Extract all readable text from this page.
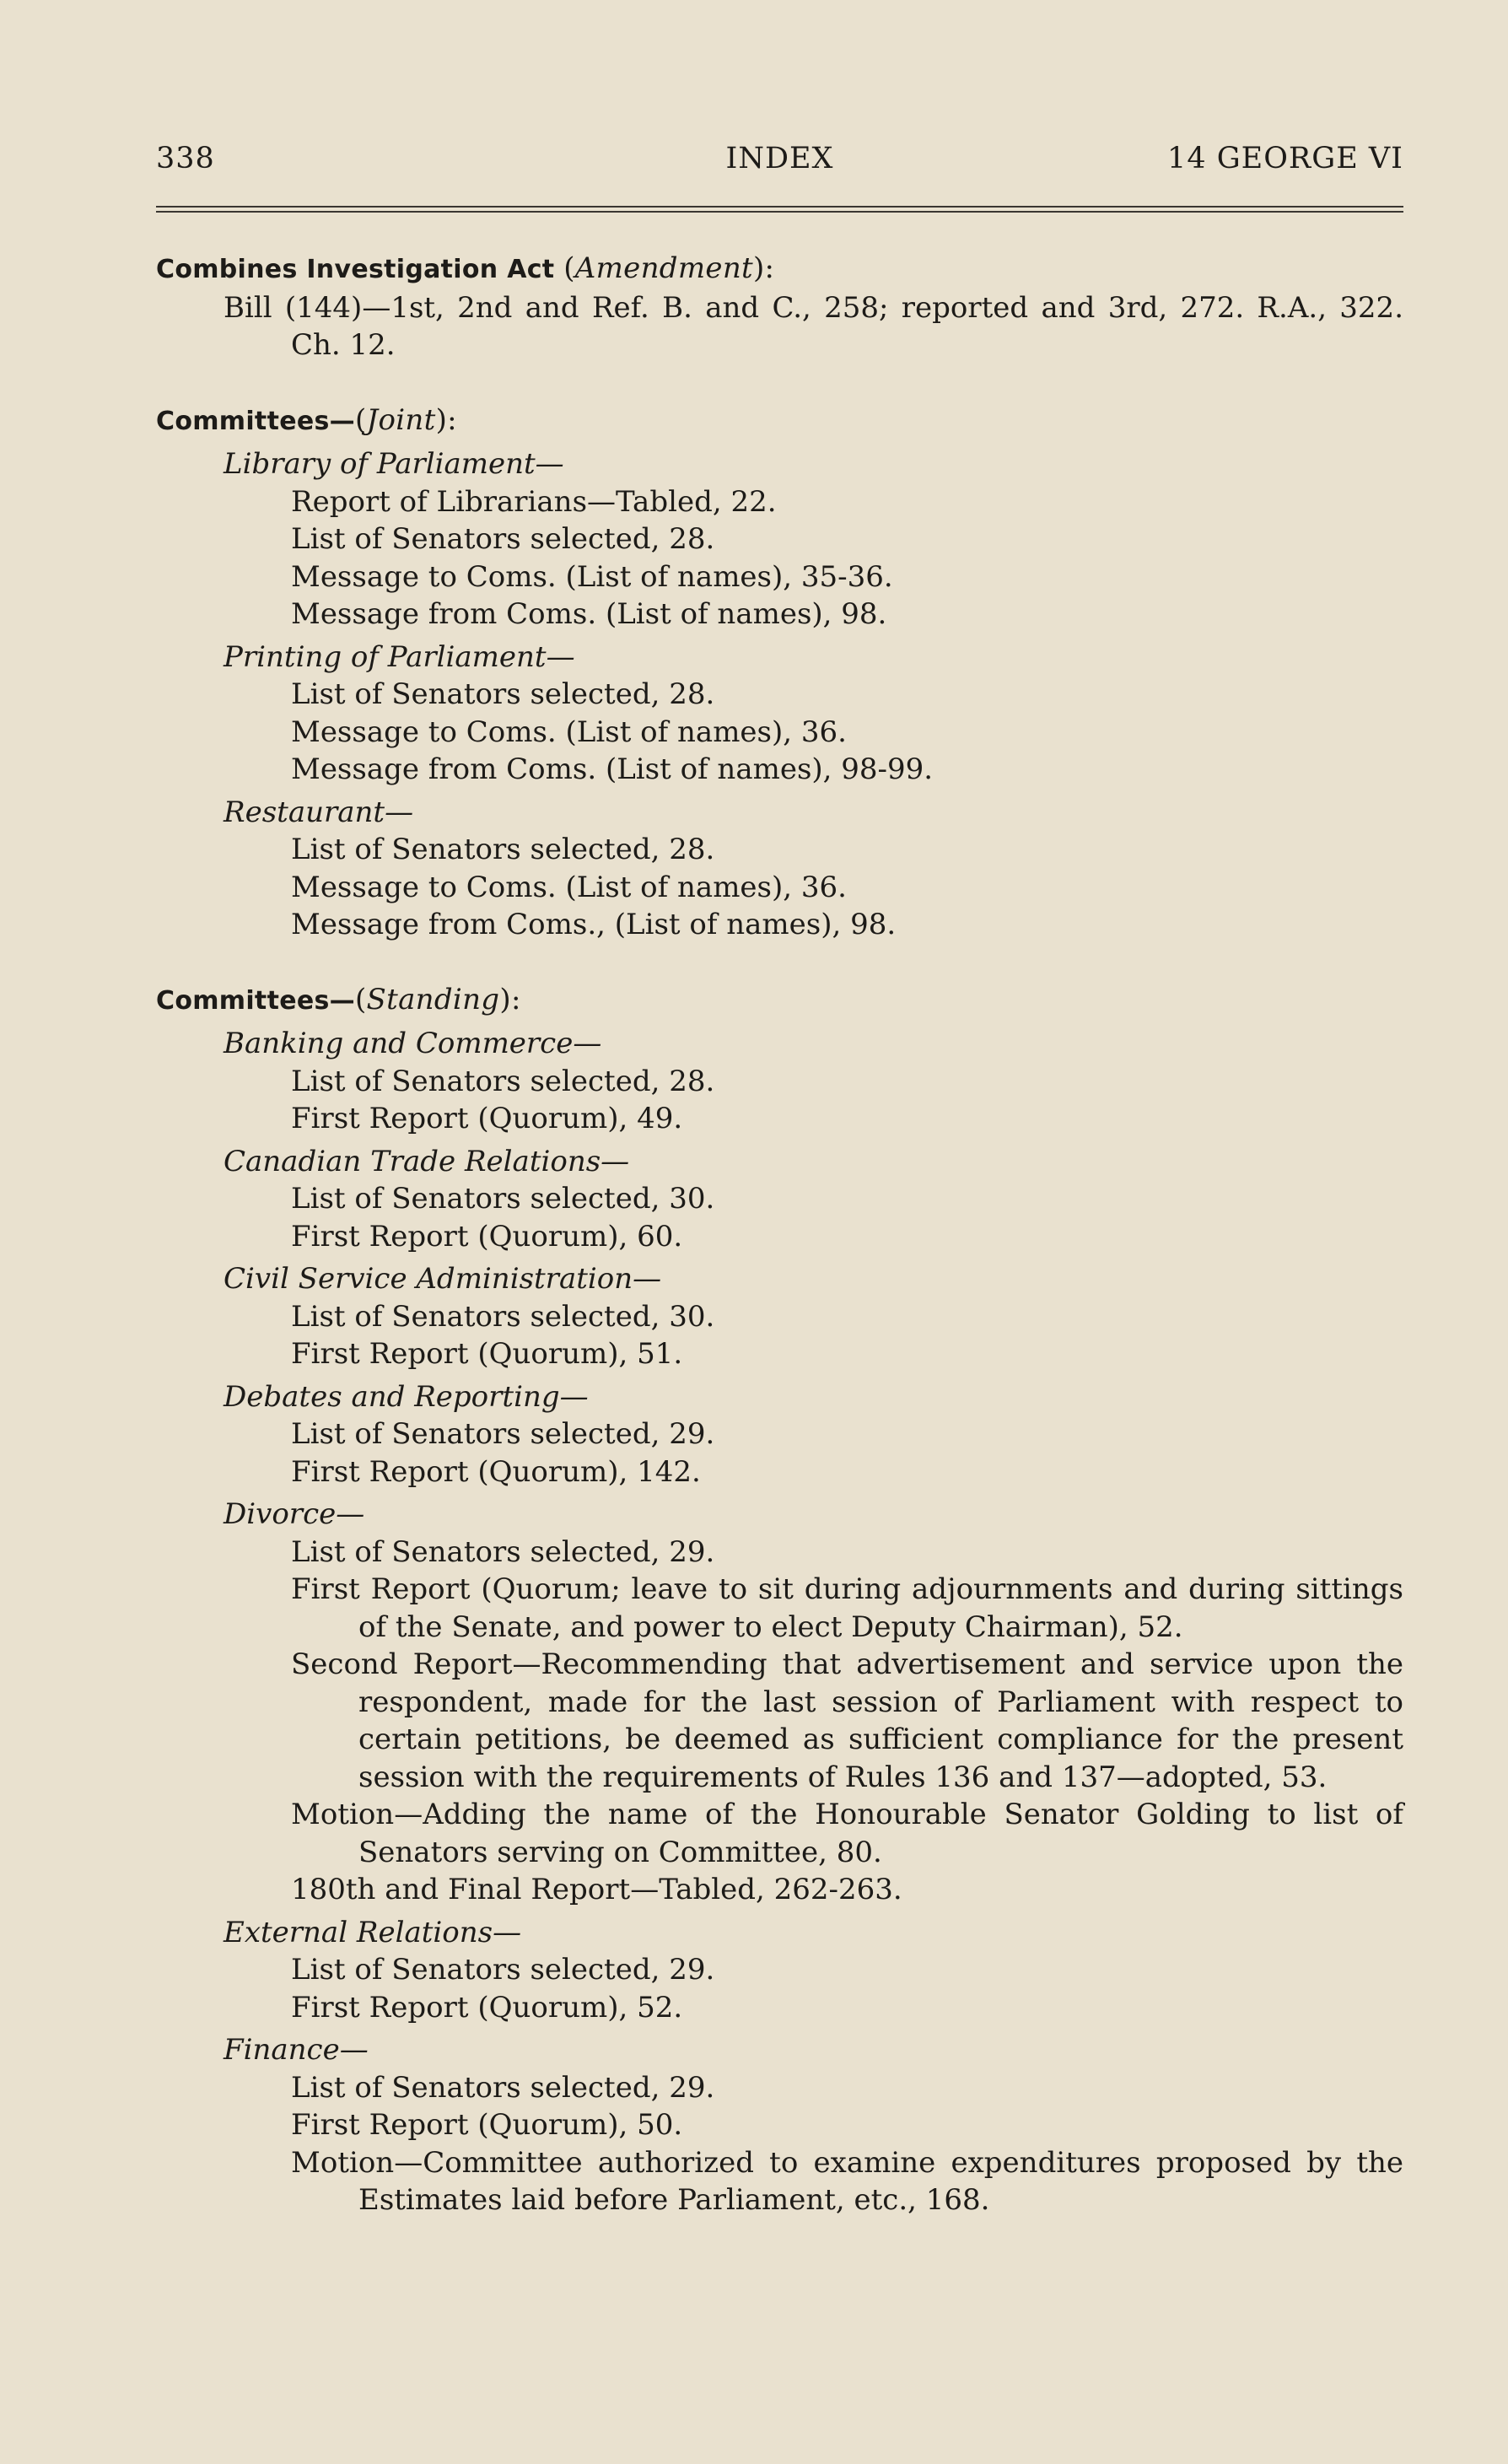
338	INDEX	14 GEORGE VI
Combines Investigation Act (Amendment):
Bill (144)—1st, 2nd and Ref. B. and C., 258; reported and 3rd, 272. R.A., 322. Ch. 12.
Committees—(Joint):
Library of Parliament—
Report of Librarians—Tabled, 22.
List of Senators selected, 28.
Message to Coms. (List of names), 35-36.
Message from Coms. (List of names), 98.
Printing of Parliament—
List of Senators selected, 28.
Message to Coms. (List of names), 36.
Message from Coms. (List of names), 98-99.
Restaurant—
List of Senators selected, 28.
Message to Coms. (List of names), 36.
Message from Coms., (List of names), 98.
Committees—(Standing):
Banking and Commerce—
List of Senators selected, 28.
First Report (Quorum), 49.
Canadian Trade Relations—
List of Senators selected, 30.
First Report (Quorum), 60.
Civil Service Administration—
List of Senators selected, 30.
First Report (Quorum), 51.
Debates and Reporting—
List of Senators selected, 29.
First Report (Quorum), 142.
Divorce—
List of Senators selected, 29.
First Report (Quorum; leave to sit during adjournments and during sittings of the Senate, and power to elect Deputy Chairman), 52.
Second Report—Recommending that advertisement and service upon the respondent, made for the last session of Parliament with respect to certain petitions, be deemed as sufficient compliance for the present session with the requirements of Rules 136 and 137—adopted, 53.
Motion—Adding the name of the Honourable Senator Golding to list of Senators serving on Committee, 80.
180th and Final Report—Tabled, 262-263.
External Relations—
List of Senators selected, 29.
First Report (Quorum), 52.
Finance—
List of Senators selected, 29.
First Report (Quorum), 50.
Motion—Committee authorized to examine expenditures proposed by the Estimates laid before Parliament, etc., 168.
